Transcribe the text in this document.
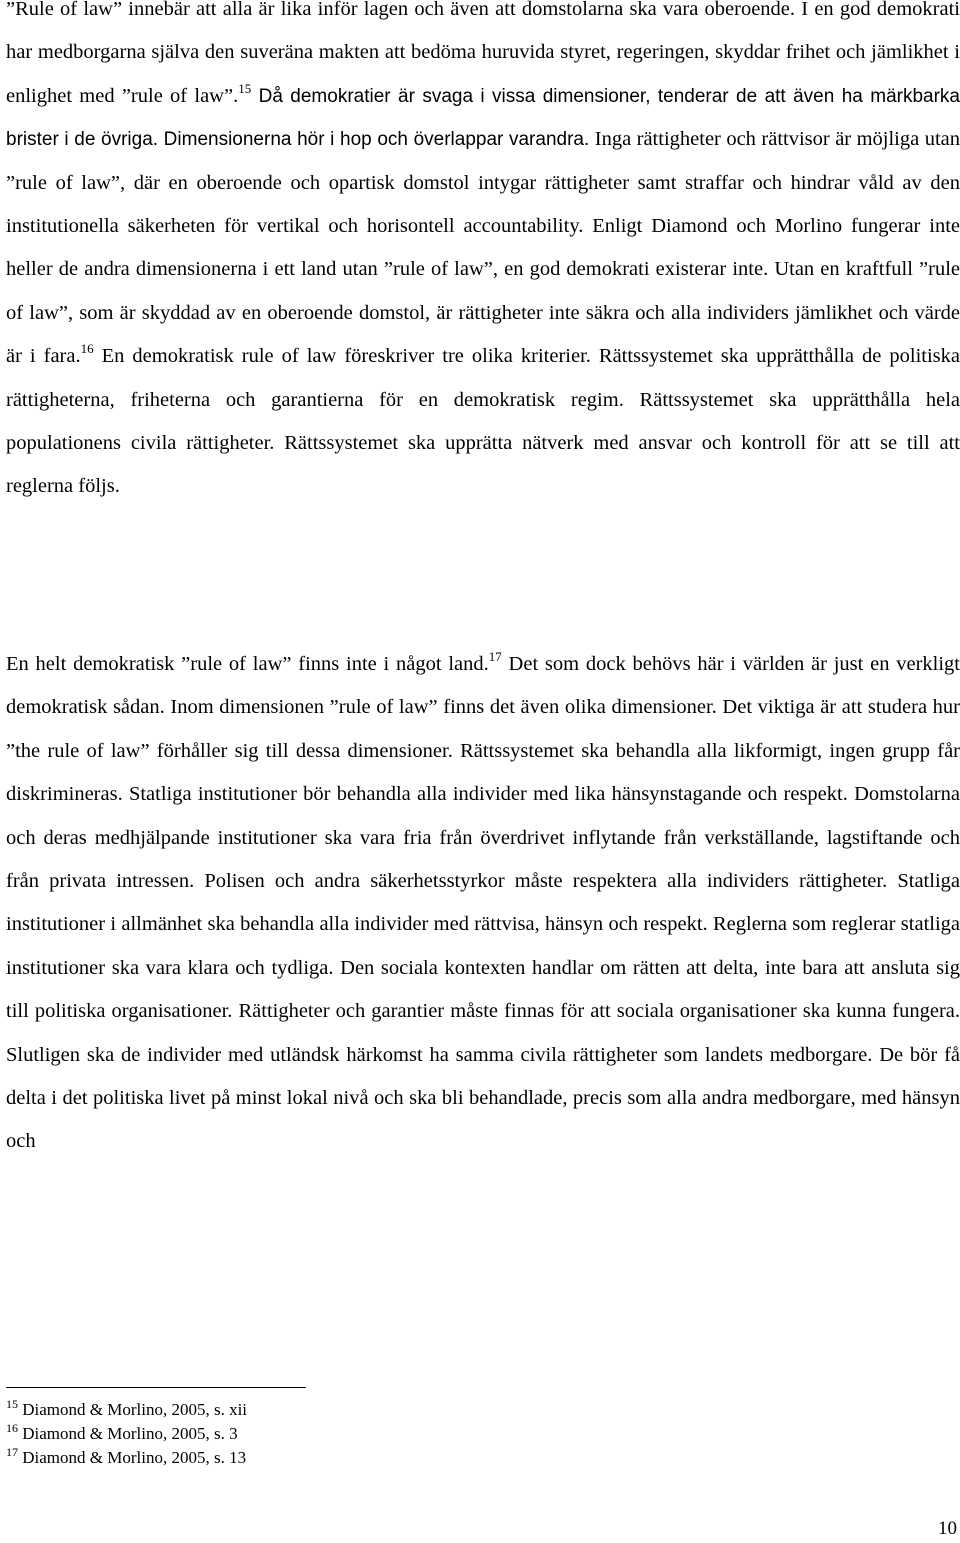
”Rule of law” innebär att alla är lika inför lagen och även att domstolarna ska vara oberoende. I en god demokrati har medborgarna själva den suveräna makten att bedöma huruvida styret, regeringen, skyddar frihet och jämlikhet i enlighet med ”rule of law”.$^{15}$ Då demokratier är svaga i vissa dimensioner, tenderar de att även ha märkbarka brister i de övriga. Dimensionerna hör i hop och överlappar varandra. Inga rättigheter och rättvisor är möjliga utan ”rule of law”, där en oberoende och opartisk domstol intygar rättigheter samt straffar och hindrar våld av den institutionella säkerheten för vertikal och horisontell accountability. Enligt Diamond och Morlino fungerar inte heller de andra dimensionerna i ett land utan ”rule of law”, en god demokrati existerar inte. Utan en kraftfull ”rule of law”, som är skyddad av en oberoende domstol, är rättigheter inte säkra och alla individers jämlikhet och värde är i fara.$^{16}$ En demokratisk rule of law föreskriver tre olika kriterier. Rättssystemet ska upprätthålla de politiska rättigheterna, friheterna och garantierna för en demokratisk regim. Rättssystemet ska upprätthålla hela populationens civila rättigheter. Rättssystemet ska upprätta nätverk med ansvar och kontroll för att se till att reglerna följs.

En helt demokratisk ”rule of law” finns inte i något land.$^{17}$ Det som dock behövs här i världen är just en verkligt demokratisk sådan. Inom dimensionen ”rule of law” finns det även olika dimensioner. Det viktiga är att studera hur ”the rule of law” förhåller sig till dessa dimensioner. Rättssystemet ska behandla alla likformigt, ingen grupp får diskrimineras. Statliga institutioner bör behandla alla individer med lika hänsynstagande och respekt. Domstolarna och deras medhjälpande institutioner ska vara fria från överdrivet inflytande från verkställande, lagstiftande och från privata intressen. Polisen och andra säkerhetsstyrkor måste respektera alla individers rättigheter. Statliga institutioner i allmänhet ska behandla alla individer med rättvisa, hänsyn och respekt. Reglerna som reglerar statliga institutioner ska vara klara och tydliga. Den sociala kontexten handlar om rätten att delta, inte bara att ansluta sig till politiska organisationer. Rättigheter och garantier måste finnas för att sociala organisationer ska kunna fungera. Slutligen ska de individer med utländsk härkomst ha samma civila rättigheter som landets medborgare. De bör få delta i det politiska livet på minst lokal nivå och ska bli behandlade, precis som alla andra medborgare, med hänsyn och

$^{15}$ Diamond & Morlino, 2005, s. xii
$^{16}$ Diamond & Morlino, 2005, s. 3
$^{17}$ Diamond & Morlino, 2005, s. 13
10
